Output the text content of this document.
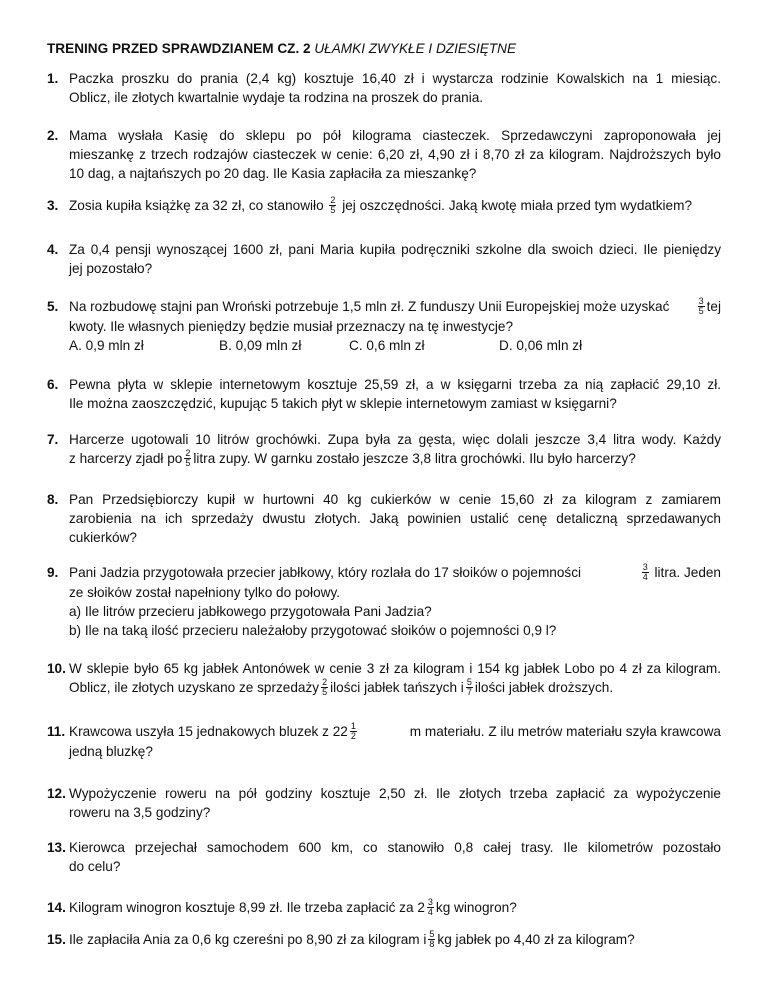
TRENING PRZED SPRAWDZIANEM CZ. 2 UŁAMKI ZWYKŁE I DZIESIĘTNE
1. Paczka proszku do prania (2,4 kg) kosztuje 16,40 zł i wystarcza rodzinie Kowalskich na 1 miesiąc.
Oblicz, ile złotych kwartalnie wydaje ta rodzina na proszek do prania.
2. Mama wysłała Kasię do sklepu po pół kilograma ciasteczek. Sprzedawczyni zaproponowała jej
mieszankę z trzech rodzajów ciasteczek w cenie: 6,20 zł, 4,90 zł i 8,70 zł za kilogram. Najdroższych było
10 dag, a najtańszych po 20 dag. Ile Kasia zapłaciła za mieszankę?
3. Zosia kupiła książkę za 32 zł, co stanowiło $\frac{2}{5}$ jej oszczędności. Jaką kwotę miała przed tym wydatkiem?
4. Za 0,4 pensji wynoszącej 1600 zł, pani Maria kupiła podręczniki szkolne dla swoich dzieci. Ile pieniędzy
jej pozostało?
5. Na rozbudowę stajni pan Wroński potrzebuje 1,5 mln zł. Z funduszy Unii Europejskiej może uzyskać	$\frac{3}{5}$ tej
kwoty. Ile własnych pieniędzy będzie musiał przeznaczy na tę inwestycje?
A. 0,9 mln zł	B. 0,09 mln zł	C. 0,6 mln zł	D. 0,06 mln zł
6. Pewna płyta w sklepie internetowym kosztuje 25,59 zł, a w księgarni trzeba za nią zapłacić 29,10 zł.
Ile można zaoszczędzić, kupując 5 takich płyt w sklepie internetowym zamiast w księgarni?
7. Harcerze ugotowali 10 litrów grochówki. Zupa była za gęsta, więc dolali jeszcze 3,4 litra wody. Każdy
z harcerzy zjadł po $\frac{2}{5}$ litra zupy. W garnku zostało jeszcze 3,8 litra grochówki. Ilu było harcerzy?
8. Pan Przedsiębiorczy kupił w hurtowni 40 kg cukierków w cenie 15,60 zł za kilogram z zamiarem
zarobienia na ich sprzedaży dwustu złotych. Jaką powinien ustalić cenę detaliczną sprzedawanych
cukierków?
9. Pani Jadzia przygotowała przecier jabłkowy, który rozlała do 17 słoików o pojemności	$\frac{3}{4}$ litra. Jeden
ze słoików został napełniony tylko do połowy.
a) Ile litrów przecieru jabłkowego przygotowała Pani Jadzia?
b) Ile na taką ilość przecieru należałoby przygotować słoików o pojemności 0,9 l?
10. W sklepie było 65 kg jabłek Antonówek w cenie 3 zł za kilogram i 154 kg jabłek Lobo po 4 zł za kilogram.
Oblicz, ile złotych uzyskano ze sprzedaży $\frac{2}{5}$ ilości jabłek tańszych i $\frac{5}{7}$ ilości jabłek droższych.
11. Krawcowa uszyła 15 jednakowych bluzek z $22 \frac{1}{2}$	m materiału. Z ilu metrów materiału szyła krawcowa
jedną bluzkę?
12. Wypożyczenie roweru na pół godziny kosztuje 2,50 zł. Ile złotych trzeba zapłacić za wypożyczenie
roweru na 3,5 godziny?
13. Kierowca przejechał samochodem 600 km, co stanowiło 0,8 całej trasy. Ile kilometrów pozostało
do celu?
14. Kilogram winogron kosztuje 8,99 zł. Ile trzeba zapłacić za $2 \frac{3}{4}$ kg winogron?
15. Ile zapłaciła Ania za 0,6 kg czereśni po 8,90 zł za kilogram i $\frac{5}{8}$ kg jabłek po 4,40 zł za kilogram?
